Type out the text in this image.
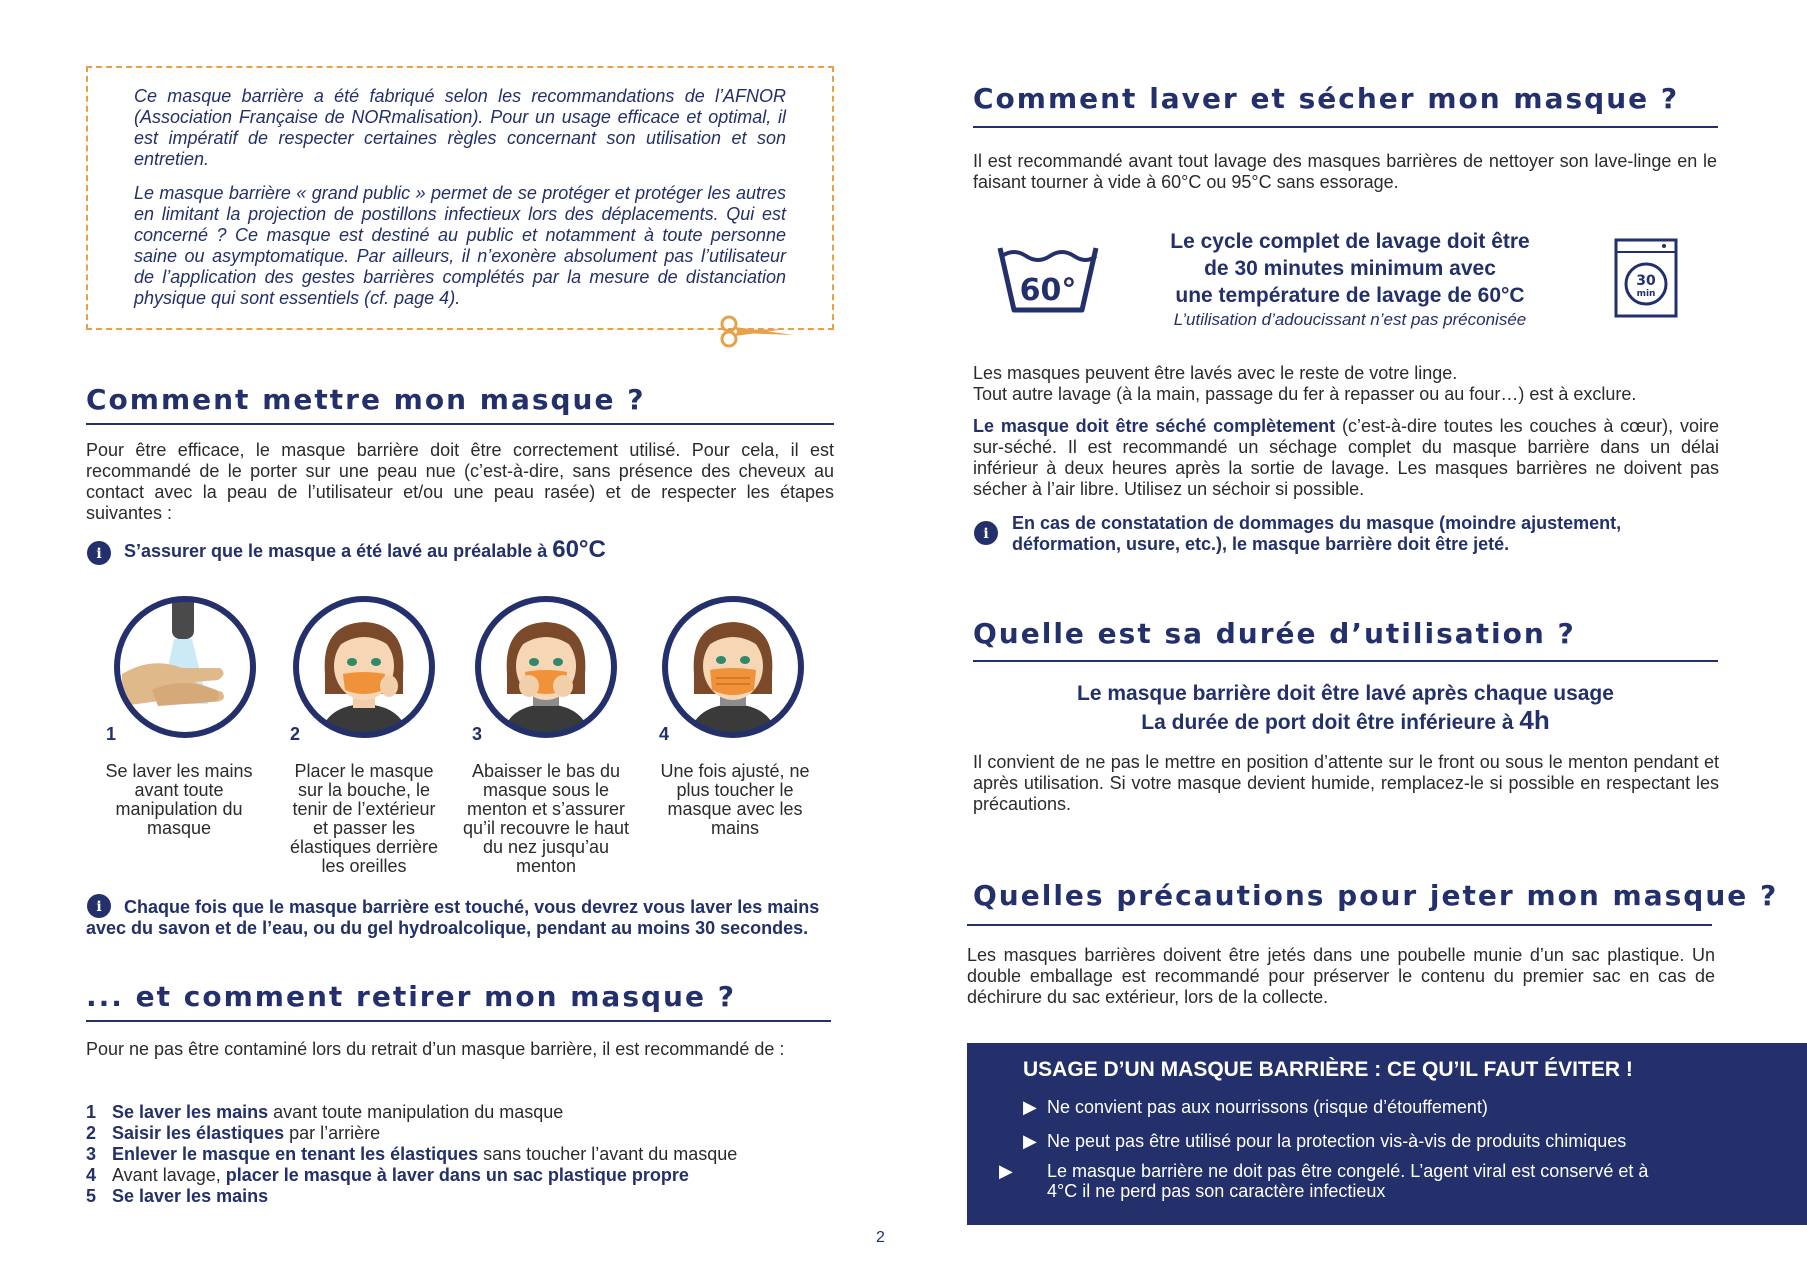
Ce masque barrière a été fabriqué selon les recommandations de l’AFNOR (Association Française de NORmalisation). Pour un usage efficace et optimal, il est impératif de respecter certaines règles concernant son utilisation et son entretien.

Le masque barrière « grand public » permet de se protéger et protéger les autres en limitant la projection de postillons infectieux lors des déplacements. Qui est concerné ? Ce masque est destiné au public et notamment à toute personne saine ou asymptomatique. Par ailleurs, il n’exonère absolument pas l’utilisateur de l’application des gestes barrières complétés par la mesure de distanciation physique qui sont essentiels (cf. page 4).

Comment mettre mon masque ?
Pour être efficace, le masque barrière doit être correctement utilisé. Pour cela, il est recommandé de le porter sur une peau nue (c’est-à-dire, sans présence des cheveux au contact avec la peau de l’utilisateur et/ou une peau rasée) et de respecter les étapes suivantes :
i S’assurer que le masque a été lavé au préalable à 60°C
1	2	3	4
Se laver les mains avant toute manipulation du masque
Placer le masque sur la bouche, le tenir de l’extérieur et passer les élastiques derrière les oreilles
Abaisser le bas du masque sous le menton et s’assurer qu’il recouvre le haut du nez jusqu’au menton
Une fois ajusté, ne plus toucher le masque avec les mains
i	Chaque fois que le masque barrière est touché, vous devrez vous laver les mains avec du savon et de l’eau, ou du gel hydroalcolique, pendant au moins 30 secondes.
... et comment retirer mon masque ?
Pour ne pas être contaminé lors du retrait d’un masque barrière, il est recommandé de :
1 Se laver les mains avant toute manipulation du masque
2 Saisir les élastiques par l’arrière
3 Enlever le masque en tenant les élastiques sans toucher l’avant du masque
4 Avant lavage, placer le masque à laver dans un sac plastique propre
5 Se laver les mains
2
Comment laver et sécher mon masque ?
Il est recommandé avant tout lavage des masques barrières de nettoyer son lave-linge en le faisant tourner à vide à 60°C ou 95°C sans essorage.
60°
Le cycle complet de lavage doit être
de 30 minutes minimum avec
une température de lavage de 60°C
L’utilisation d’adoucissant n’est pas préconisée
30
min

Les masques peuvent être lavés avec le reste de votre linge.

Tout autre lavage (à la main, passage du fer à repasser ou au four…) est à exclure.

Le masque doit être séché complètement (c’est-à-dire toutes les couches à cœur), voire sur-séché. Il est recommandé un séchage complet du masque barrière dans un délai inférieur à deux heures après la sortie de lavage. Les masques barrières ne doivent pas sécher à l’air libre. Utilisez un séchoir si possible.
i
En cas de constatation de dommages du masque (moindre ajustement, déformation, usure, etc.), le masque barrière doit être jeté.
Quelle est sa durée d’utilisation ?
Le masque barrière doit être lavé après chaque usage
La durée de port doit être inférieure à 4h
Il convient de ne pas le mettre en position d’attente sur le front ou sous le menton pendant et après utilisation. Si votre masque devient humide, remplacez-le si possible en respectant les précautions.
Quelles précautions pour jeter mon masque ?
Les masques barrières doivent être jetés dans une poubelle munie d’un sac plastique. Un double emballage est recommandé pour préserver le contenu du premier sac en cas de déchirure du sac extérieur, lors de la collecte.
USAGE D’UN MASQUE BARRIÈRE : CE QU’IL FAUT ÉVITER !
▶ Ne convient pas aux nourrissons (risque d’étouffement)
▶ Ne peut pas être utilisé pour la protection vis-à-vis de produits chimiques
▶ Le masque barrière ne doit pas être congelé. L’agent viral est conservé et à 4°C il ne perd pas son caractère infectieux
